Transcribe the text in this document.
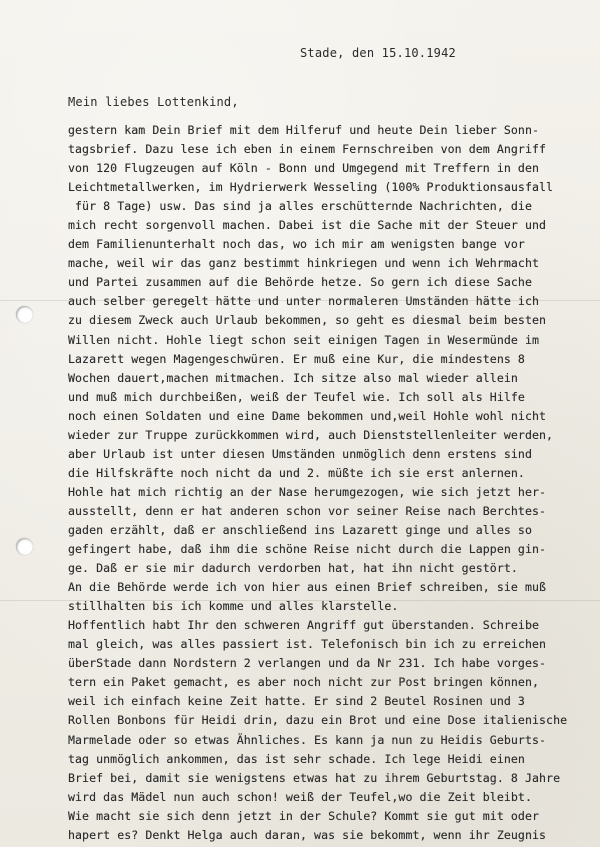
Stade, den 15.10.1942
Mein liebes Lottenkind,
gestern kam Dein Brief mit dem Hilferuf und heute Dein lieber Sonn-
tagsbrief. Dazu lese ich eben in einem Fernschreiben von dem Angriff
von 120 Flugzeugen auf Köln - Bonn und Umgegend mit Treffern in den
Leichtmetallwerken, im Hydrierwerk Wesseling (100% Produktionsausfall
für 8 Tage) usw. Das sind ja alles erschütternde Nachrichten, die
mich recht sorgenvoll machen. Dabei ist die Sache mit der Steuer und
dem Familienunterhalt noch das, wo ich mir am wenigsten bange vor
mache, weil wir das ganz bestimmt hinkriegen und wenn ich Wehrmacht
und Partei zusammen auf die Behörde hetze. So gern ich diese Sache
auch selber geregelt hätte und unter normaleren Umständen hätte ich
zu diesem Zweck auch Urlaub bekommen, so geht es diesmal beim besten
Willen nicht. Hohle liegt schon seit einigen Tagen in Wesermünde im
Lazarett wegen Magengeschwüren. Er muß eine Kur, die mindestens 8
Wochen dauert,machen mitmachen. Ich sitze also mal wieder allein
und muß mich durchbeißen, weiß der Teufel wie. Ich soll als Hilfe
noch einen Soldaten und eine Dame bekommen und,weil Hohle wohl nicht
wieder zur Truppe zurückkommen wird, auch Dienststellenleiter werden,
aber Urlaub ist unter diesen Umständen unmöglich denn erstens sind
die Hilfskräfte noch nicht da und 2. müßte ich sie erst anlernen.
Hohle hat mich richtig an der Nase herumgezogen, wie sich jetzt her-
ausstellt, denn er hat anderen schon vor seiner Reise nach Berchtes-
gaden erzählt, daß er anschließend ins Lazarett ginge und alles so
gefingert habe, daß ihm die schöne Reise nicht durch die Lappen gin-
ge. Daß er sie mir dadurch verdorben hat, hat ihn nicht gestört.
An die Behörde werde ich von hier aus einen Brief schreiben, sie muß
stillhalten bis ich komme und alles klarstelle.
Hoffentlich habt Ihr den schweren Angriff gut überstanden. Schreibe
mal gleich, was alles passiert ist. Telefonisch bin ich zu erreichen
überStade dann Nordstern 2 verlangen und da Nr 231. Ich habe vorges-
tern ein Paket gemacht, es aber noch nicht zur Post bringen können,
weil ich einfach keine Zeit hatte. Er sind 2 Beutel Rosinen und 3
Rollen Bonbons für Heidi drin, dazu ein Brot und eine Dose italienische
Marmelade oder so etwas Ähnliches. Es kann ja nun zu Heidis Geburts-
tag unmöglich ankommen, das ist sehr schade. Ich lege Heidi einen
Brief bei, damit sie wenigstens etwas hat zu ihrem Geburtstag. 8 Jahre
wird das Mädel nun auch schon! weiß der Teufel,wo die Zeit bleibt.
Wie macht sie sich denn jetzt in der Schule? Kommt sie gut mit oder
hapert es? Denkt Helga auch daran, was sie bekommt, wenn ihr Zeugnis
